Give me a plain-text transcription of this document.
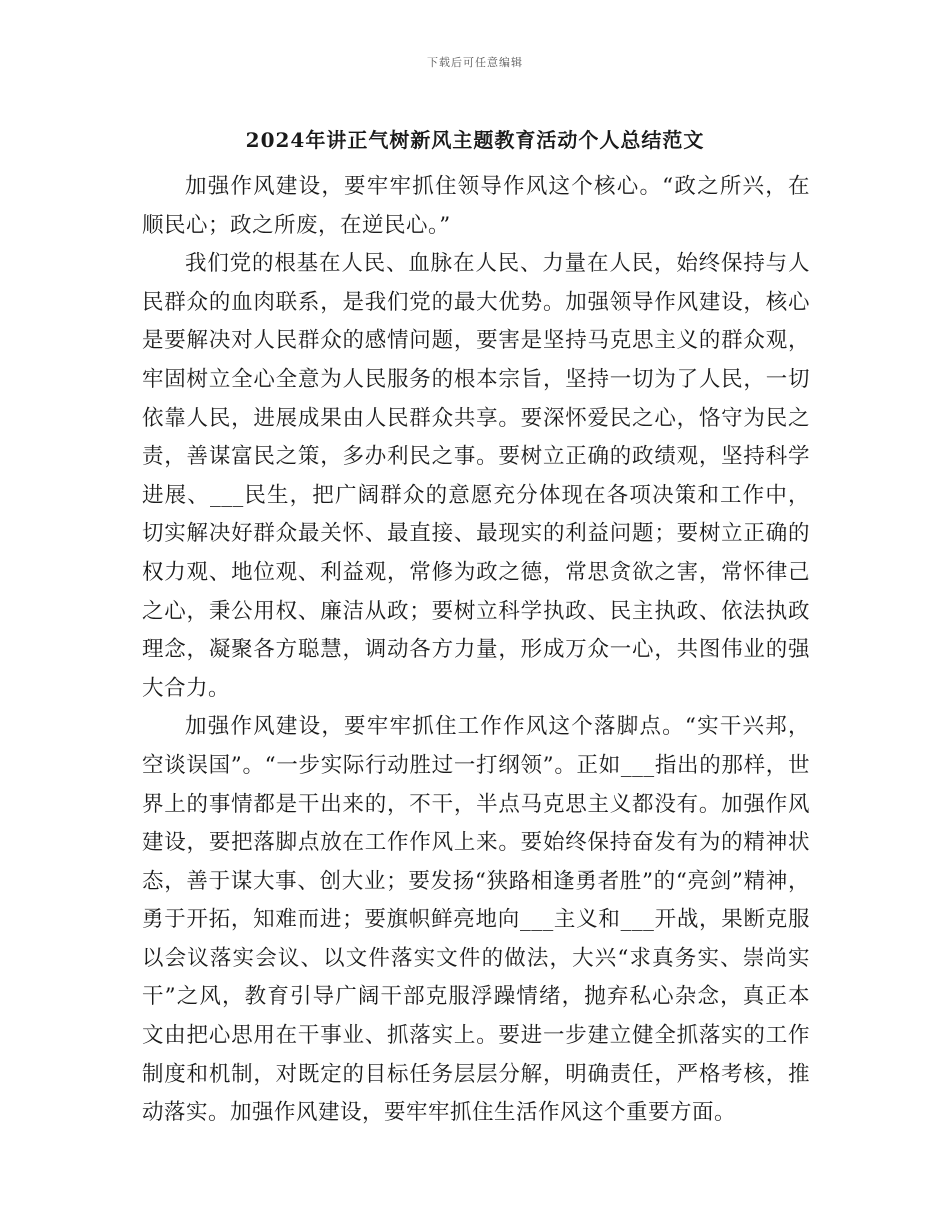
下载后可任意编辑
2024年讲正气树新风主题教育活动个人总结范文

加强作风建设，要牢牢抓住领导作风这个核心。“政之所兴，在顺民心；政之所废，在逆民心。”

我们党的根基在人民、血脉在人民、力量在人民，始终保持与人民群众的血肉联系，是我们党的最大优势。加强领导作风建设，核心是要解决对人民群众的感情问题，要害是坚持马克思主义的群众观，牢固树立全心全意为人民服务的根本宗旨，坚持一切为了人民，一切依靠人民，进展成果由人民群众共享。要深怀爱民之心，恪守为民之责，善谋富民之策，多办利民之事。要树立正确的政绩观，坚持科学进展、___民生，把广阔群众的意愿充分体现在各项决策和工作中，切实解决好群众最关怀、最直接、最现实的利益问题；要树立正确的权力观、地位观、利益观，常修为政之德，常思贪欲之害，常怀律己之心，秉公用权、廉洁从政；要树立科学执政、民主执政、依法执政理念，凝聚各方聪慧，调动各方力量，形成万众一心，共图伟业的强大合力。

加强作风建设，要牢牢抓住工作作风这个落脚点。“实干兴邦，空谈误国”。“一步实际行动胜过一打纲领”。正如___指出的那样，世界上的事情都是干出来的，不干，半点马克思主义都没有。加强作风建设，要把落脚点放在工作作风上来。要始终保持奋发有为的精神状态，善于谋大事、创大业；要发扬“狭路相逢勇者胜”的“亮剑”精神，勇于开拓，知难而进；要旗帜鲜亮地向___主义和___开战，果断克服以会议落实会议、以文件落实文件的做法，大兴“求真务实、崇尚实干”之风，教育引导广阔干部克服浮躁情绪，抛弃私心杂念，真正本文由把心思用在干事业、抓落实上。要进一步建立健全抓落实的工作制度和机制，对既定的目标任务层层分解，明确责任，严格考核，推动落实。加强作风建设，要牢牢抓住生活作风这个重要方面。
